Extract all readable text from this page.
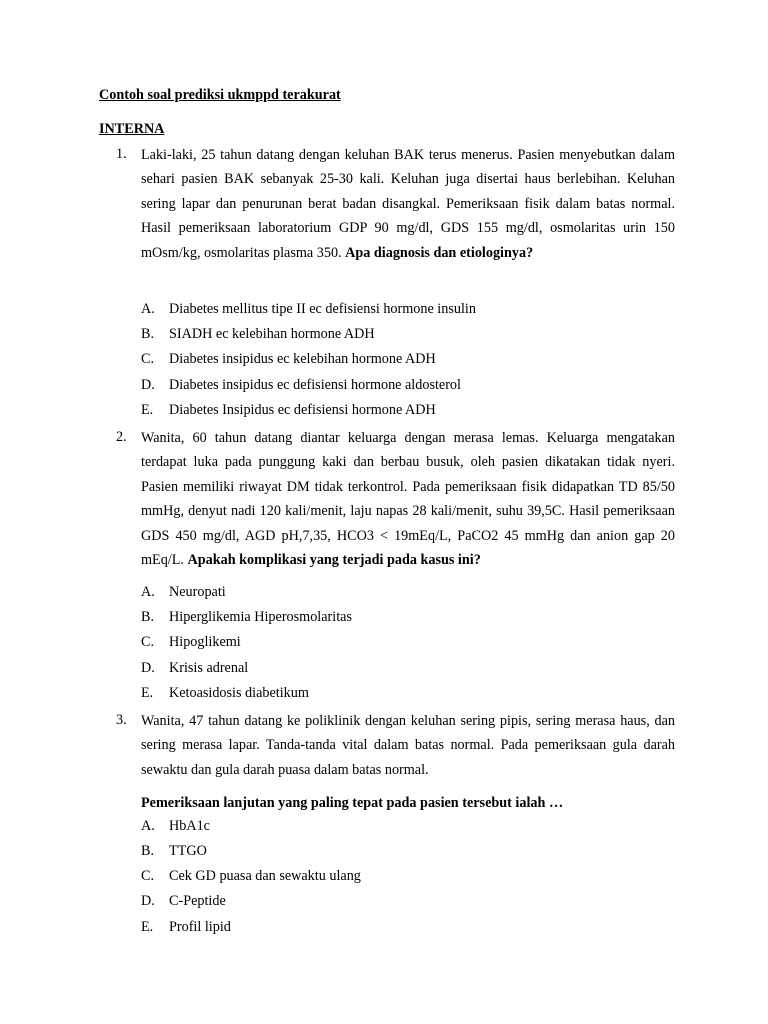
Contoh soal prediksi ukmppd terakurat
INTERNA
1. Laki-laki, 25 tahun datang dengan keluhan BAK terus menerus. Pasien menyebutkan dalam sehari pasien BAK sebanyak 25-30 kali. Keluhan juga disertai haus berlebihan. Keluhan sering lapar dan penurunan berat badan disangkal. Pemeriksaan fisik dalam batas normal. Hasil pemeriksaan laboratorium GDP 90 mg/dl, GDS 155 mg/dl, osmolaritas urin 150 mOsm/kg, osmolaritas plasma 350. Apa diagnosis dan etiologinya?
A. Diabetes mellitus tipe II ec defisiensi hormone insulin
B. SIADH ec kelebihan hormone ADH
C. Diabetes insipidus ec kelebihan hormone ADH
D. Diabetes insipidus ec defisiensi hormone aldosterol
E. Diabetes Insipidus ec defisiensi hormone ADH
2. Wanita, 60 tahun datang diantar keluarga dengan merasa lemas. Keluarga mengatakan terdapat luka pada punggung kaki dan berbau busuk, oleh pasien dikatakan tidak nyeri. Pasien memiliki riwayat DM tidak terkontrol. Pada pemeriksaan fisik didapatkan TD 85/50 mmHg, denyut nadi 120 kali/menit, laju napas 28 kali/menit, suhu 39,5C. Hasil pemeriksaan GDS 450 mg/dl, AGD pH,7,35, HCO3 < 19mEq/L, PaCO2 45 mmHg dan anion gap 20 mEq/L. Apakah komplikasi yang terjadi pada kasus ini?
A. Neuropati
B. Hiperglikemia Hiperosmolaritas
C. Hipoglikemi
D. Krisis adrenal
E. Ketoasidosis diabetikum
3. Wanita, 47 tahun datang ke poliklinik dengan keluhan sering pipis, sering merasa haus, dan sering merasa lapar. Tanda-tanda vital dalam batas normal. Pada pemeriksaan gula darah sewaktu dan gula darah puasa dalam batas normal.
Pemeriksaan lanjutan yang paling tepat pada pasien tersebut ialah …
A. HbA1c
B. TTGO
C. Cek GD puasa dan sewaktu ulang
D. C-Peptide
E. Profil lipid
